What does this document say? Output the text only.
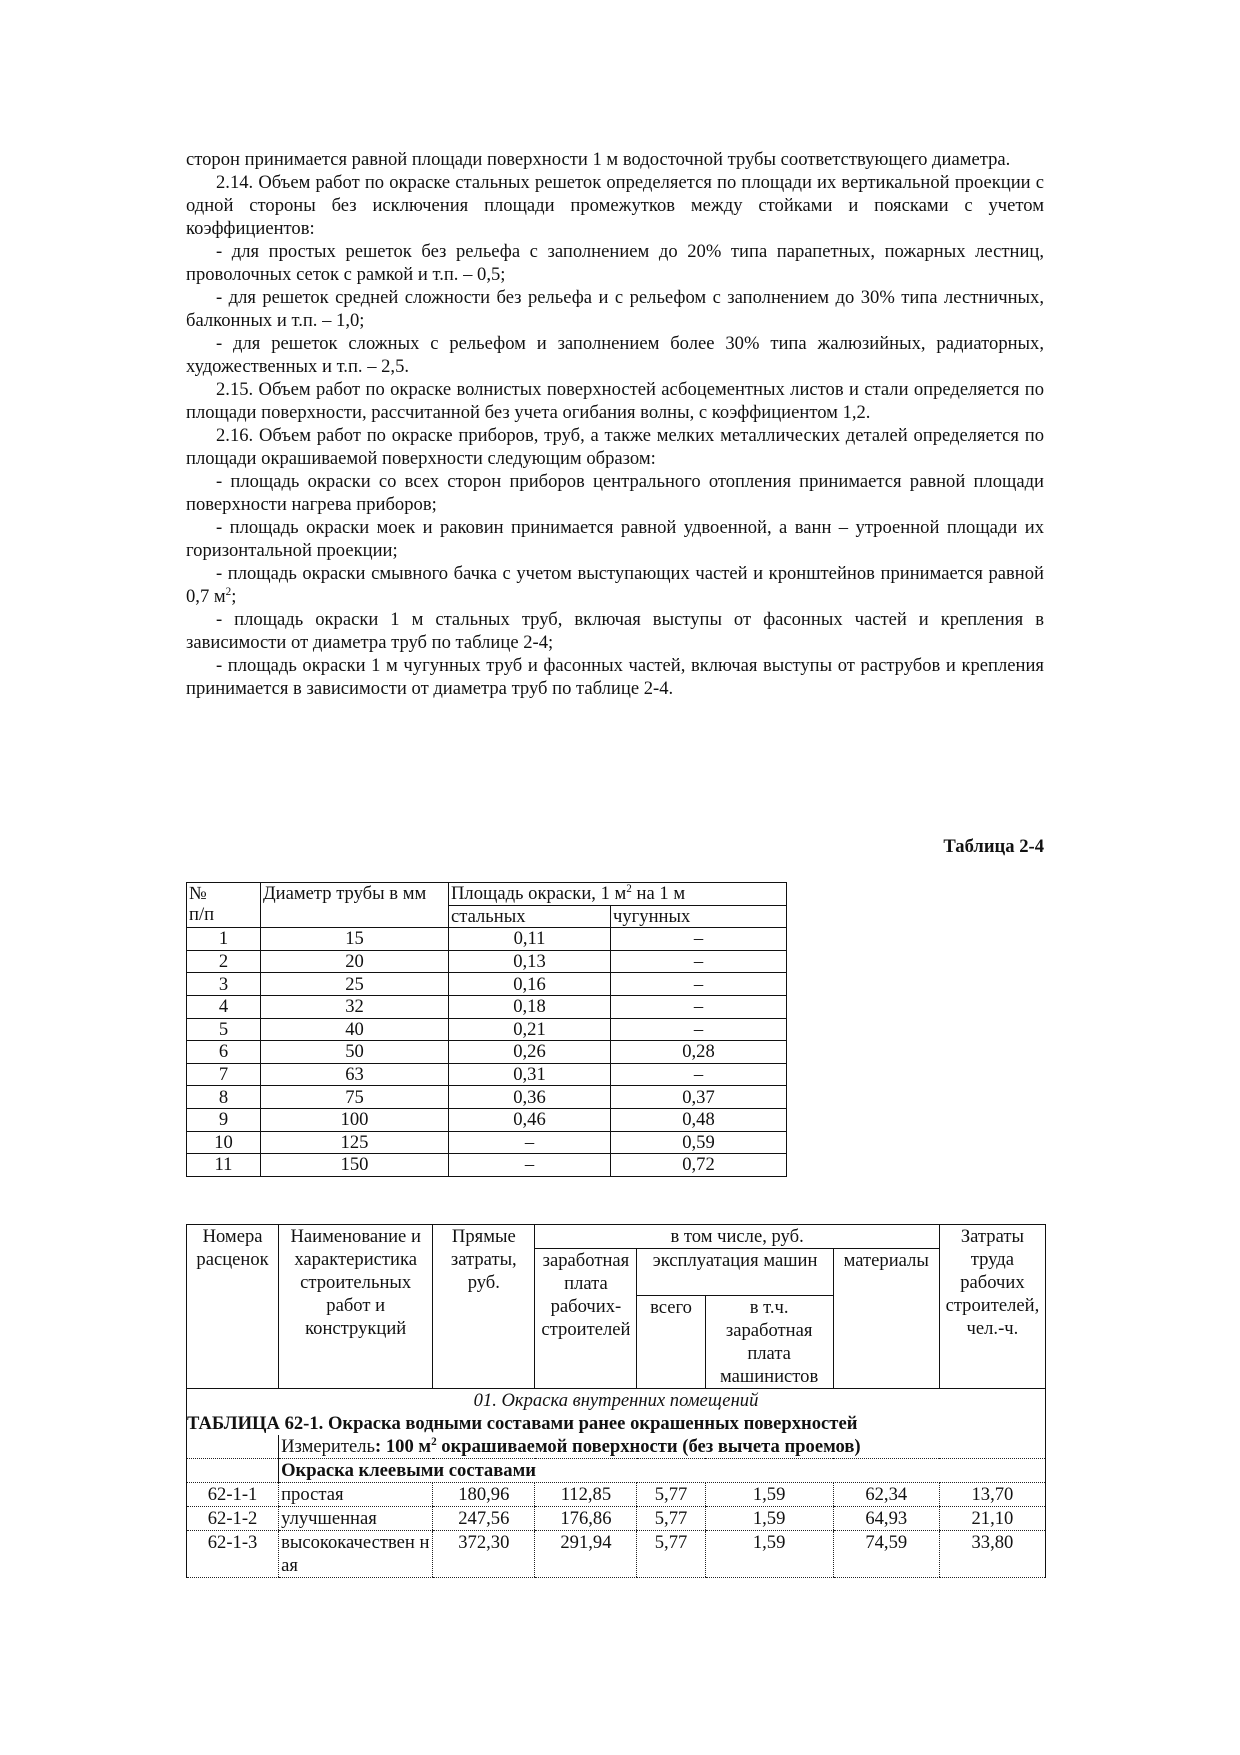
сторон принимается равной площади поверхности 1 м водосточной трубы соответствующего диаметра.

2.14. Объем работ по окраске стальных решеток определяется по площади их вертикальной проекции с одной стороны без исключения площади промежутков между стойками и поясками с учетом коэффициентов:

- для простых решеток без рельефа с заполнением до 20% типа парапетных, пожарных лестниц, проволочных сеток с рамкой и т.п. – 0,5;

- для решеток средней сложности без рельефа и с рельефом с заполнением до 30% типа лестничных, балконных и т.п. – 1,0;

- для решеток сложных с рельефом и заполнением более 30% типа жалюзийных, радиаторных, художественных и т.п. – 2,5.

2.15. Объем работ по окраске волнистых поверхностей асбоцементных листов и стали определяется по площади поверхности, рассчитанной без учета огибания волны, с коэффициентом 1,2.

2.16. Объем работ по окраске приборов, труб, а также мелких металлических деталей определяется по площади окрашиваемой поверхности следующим образом:

- площадь окраски со всех сторон приборов центрального отопления принимается равной площади поверхности нагрева приборов;

- площадь окраски моек и раковин принимается равной удвоенной, а ванн – утроенной площади их горизонтальной проекции;

- площадь окраски смывного бачка с учетом выступающих частей и кронштейнов принимается равной 0,7 $м^2$;

- площадь окраски 1 м стальных труб, включая выступы от фасонных частей и крепления в зависимости от диаметра труб по таблице 2-4;

- площадь окраски 1 м чугунных труб и фасонных частей, включая выступы от раструбов и крепления принимается в зависимости от диаметра труб по таблице 2-4.

Таблица 2-4
№
п/п	Диаметр трубы в мм	Площадь окраски, 1 $м^2$ на 1 м	
		стальных	чугунных
1	15	0,11	–
2	20	0,13	–
3	25	0,16	–
4	32	0,18	–
5	40	0,21	–
6	50	0,26	0,28
7	63	0,31	–
8	75	0,36	0,37
9	100	0,46	0,48
10	125	–	0,59
11	150	–	0,72
Номера расценок	Наименование и характеристика строительных работ и конструкций	Прямые затраты, руб.	в том числе, руб.				Затраты труда рабочих строителей, чел.-ч.
			заработная плата рабочих-строителей	эксплуатация машин		материалы	
				всего	в т.ч. заработная плата машинистов		
01. Окраска внутренних помещений							
ТАБЛИЦА 62-1. Окраска водными составами ранее окрашенных поверхностей							
	Измеритель: 100 $м^2$ окрашиваемой поверхности (без вычета проемов)						
	Окраска клеевыми составами						
62-1-1	простая	180,96	112,85	5,77	1,59	62,34	13,70
62-1-2	улучшенная	247,56	176,86	5,77	1,59	64,93	21,10
62-1-3	высококачествен ная	372,30	291,94	5,77	1,59	74,59	33,80
